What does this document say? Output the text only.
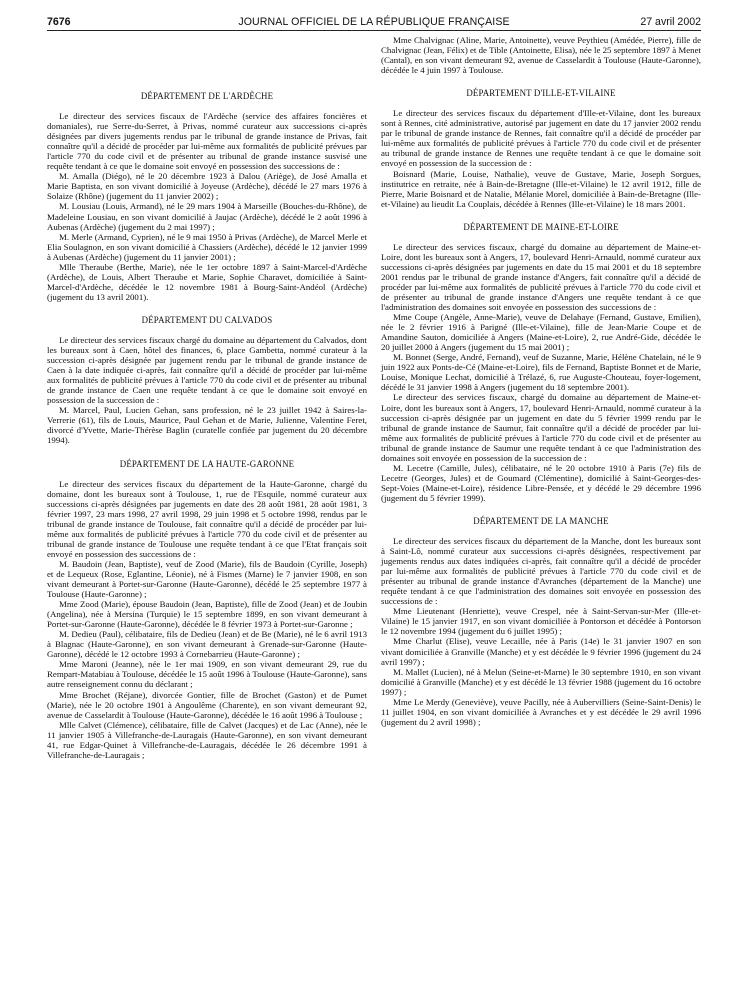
7676	JOURNAL OFFICIEL DE LA RÉPUBLIQUE FRANÇAISE	27 avril 2002
DÉPARTEMENT DE L'ARDÈCHE

Le directeur des services fiscaux de l'Ardèche (service des affaires foncières et domaniales), rue Serre-du-Serret, à Privas, nommé curateur aux successions ci-après désignées par divers jugements rendus par le tribunal de grande instance de Privas, fait connaître qu'il a décidé de procéder par lui-même aux formalités de publicité prévues par l'article 770 du code civil et de présenter au tribunal de grande instance susvisé une requête tendant à ce que le domaine soit envoyé en possession des successions de :

M. Amalla (Diégo), né le 20 décembre 1923 à Dalou (Ariège), de José Amalla et Marie Baptista, en son vivant domicilié à Joyeuse (Ardèche), décédé le 27 mars 1976 à Solaize (Rhône) (jugement du 11 janvier 2002) ;

M. Lousiau (Louis, Armand), né le 29 mars 1904 à Marseille (Bouches-du-Rhône), de Madeleine Lousiau, en son vivant domicilié à Jaujac (Ardèche), décédé le 2 août 1996 à Aubenas (Ardèche) (jugement du 2 mai 1997) ;

M. Merle (Armand, Cyprien), né le 9 mai 1950 à Privas (Ardèche), de Marcel Merle et Elia Soulagnon, en son vivant domicilié à Chassiers (Ardèche), décédé le 12 janvier 1999 à Aubenas (Ardèche) (jugement du 11 janvier 2001) ;

Mlle Theraube (Berthe, Marie), née le 1er octobre 1897 à Saint-Marcel-d'Ardèche (Ardèche), de Louis, Albert Theraube et Marie, Sophie Charavet, domiciliée à Saint-Marcel-d'Ardèche, décédée le 12 novembre 1981 à Bourg-Saint-Andéol (Ardèche) (jugement du 13 avril 2001).

DÉPARTEMENT DU CALVADOS

Le directeur des services fiscaux chargé du domaine au département du Calvados, dont les bureaux sont à Caen, hôtel des finances, 6, place Gambetta, nommé curateur à la succession ci-après désignée par jugement rendu par le tribunal de grande instance de Caen à la date indiquée ci-après, fait connaître qu'il a décidé de procéder par lui-même aux formalités de publicité prévues à l'article 770 du code civil et de présenter au tribunal de grande instance de Caen une requête tendant à ce que le domaine soit envoyé en possession de la succession de :

M. Marcel, Paul, Lucien Gehan, sans profession, né le 23 juillet 1942 à Saires-la-Verrerie (61), fils de Louis, Maurice, Paul Gehan et de Marie, Julienne, Valentine Feret, divorcé d'Yvette, Marie-Thérèse Baglin (curatelle confiée par jugement du 20 décembre 1994).

DÉPARTEMENT DE LA HAUTE-GARONNE

Le directeur des services fiscaux du département de la Haute-Garonne, chargé du domaine, dont les bureaux sont à Toulouse, 1, rue de l'Esquile, nommé curateur aux successions ci-après désignées par jugements en date des 28 août 1981, 28 août 1981, 3 février 1997, 23 mars 1998, 27 avril 1998, 29 juin 1998 et 5 octobre 1998, rendus par le tribunal de grande instance de Toulouse, fait connaître qu'il a décidé de procéder par lui-même aux formalités de publicité prévues à l'article 770 du code civil et de présenter au tribunal de grande instance de Toulouse une requête tendant à ce que l'Etat français soit envoyé en possession des successions de :

M. Baudoin (Jean, Baptiste), veuf de Zood (Marie), fils de Baudoin (Cyrille, Joseph) et de Lequeux (Rose, Eglantine, Léonie), né à Fismes (Marne) le 7 janvier 1908, en son vivant demeurant à Portet-sur-Garonne (Haute-Garonne), décédé le 25 septembre 1977 à Toulouse (Haute-Garonne) ;

Mme Zood (Marie), épouse Baudoin (Jean, Baptiste), fille de Zood (Jean) et de Joubin (Angelina), née à Mersina (Turquie) le 15 septembre 1899, en son vivant demeurant à Portet-sur-Garonne (Haute-Garonne), décédée le 8 février 1973 à Portet-sur-Garonne ;

M. Dedieu (Paul), célibataire, fils de Dedieu (Jean) et de Be (Marie), né le 6 avril 1913 à Blagnac (Haute-Garonne), en son vivant demeurant à Grenade-sur-Garonne (Haute-Garonne), décédé le 12 octobre 1993 à Cornebarrieu (Haute-Garonne) ;

Mme Maroni (Jeanne), née le 1er mai 1909, en son vivant demeurant 29, rue du Rempart-Matabiau à Toulouse, décédée le 15 août 1996 à Toulouse (Haute-Garonne), sans autre renseignement connu du déclarant ;

Mme Brochet (Réjane), divorcée Gontier, fille de Brochet (Gaston) et de Pumet (Marie), née le 20 octobre 1901 à Angoulême (Charente), en son vivant demeurant 92, avenue de Casselardit à Toulouse (Haute-Garonne), décédée le 16 août 1996 à Toulouse ;

Mlle Calvet (Clémence), célibataire, fille de Calvet (Jacques) et de Lac (Anne), née le 11 janvier 1905 à Villefranche-de-Lauragais (Haute-Garonne), en son vivant demeurant 41, rue Edgar-Quinet à Villefranche-de-Lauragais, décédée le 26 décembre 1991 à Villefranche-de-Lauragais ;

Mme Chalvignac (Aline, Marie, Antoinette), veuve Peythieu (Amédée, Pierre), fille de Chalvignac (Jean, Félix) et de Tible (Antoinette, Elisa), née le 25 septembre 1897 à Menet (Cantal), en son vivant demeurant 92, avenue de Casselardit à Toulouse (Haute-Garonne), décédée le 4 juin 1997 à Toulouse.

DÉPARTEMENT D'ILLE-ET-VILAINE

Le directeur des services fiscaux du département d'Ille-et-Vilaine, dont les bureaux sont à Rennes, cité administrative, autorisé par jugement en date du 17 janvier 2002 rendu par le tribunal de grande instance de Rennes, fait connaître qu'il a décidé de procéder par lui-même aux formalités de publicité prévues à l'article 770 du code civil et de présenter au tribunal de grande instance de Rennes une requête tendant à ce que le domaine soit envoyé en possession de la succession de :

Boisnard (Marie, Louise, Nathalie), veuve de Gustave, Marie, Joseph Sorgues, institutrice en retraite, née à Bain-de-Bretagne (Ille-et-Vilaine) le 12 avril 1912, fille de Pierre, Marie Boisnard et de Natalie, Mélanie Morel, domiciliée à Bain-de-Bretagne (Ille-et-Vilaine) au lieudit La Couplais, décédée à Rennes (Ille-et-Vilaine) le 18 mars 2001.

DÉPARTEMENT DE MAINE-ET-LOIRE

Le directeur des services fiscaux, chargé du domaine au département de Maine-et-Loire, dont les bureaux sont à Angers, 17, boulevard Henri-Arnauld, nommé curateur aux successions ci-après désignées par jugements en date du 15 mai 2001 et du 18 septembre 2001 rendus par le tribunal de grande instance d'Angers, fait connaître qu'il a décidé de procéder par lui-même aux formalités de publicité prévues à l'article 770 du code civil et de présenter au tribunal de grande instance d'Angers une requête tendant à ce que l'administration des domaines soit envoyée en possession des successions de :

Mme Coupe (Angèle, Anne-Marie), veuve de Delahaye (Fernand, Gustave, Emilien), née le 2 février 1916 à Parigné (Ille-et-Vilaine), fille de Jean-Marie Coupe et de Amandine Sauton, domiciliée à Angers (Maine-et-Loire), 2, rue André-Gide, décédée le 20 juillet 2000 à Angers (jugement du 15 mai 2001) ;

M. Bonnet (Serge, André, Fernand), veuf de Suzanne, Marie, Hélène Chatelain, né le 9 juin 1922 aux Ponts-de-Cé (Maine-et-Loire), fils de Fernand, Baptiste Bonnet et de Marie, Louise, Monique Lechat, domicilié à Trélazé, 6, rue Auguste-Chouteau, foyer-logement, décédé le 31 janvier 1998 à Angers (jugement du 18 septembre 2001).

Le directeur des services fiscaux, chargé du domaine au département de Maine-et-Loire, dont les bureaux sont à Angers, 17, boulevard Henri-Arnauld, nommé curateur à la succession ci-après désignée par un jugement en date du 5 février 1999 rendu par le tribunal de grande instance de Saumur, fait connaître qu'il a décidé de procéder par lui-même aux formalités de publicité prévues à l'article 770 du code civil et de présenter au tribunal de grande instance de Saumur une requête tendant à ce que l'administration des domaines soit envoyée en possession de la succession de :

M. Lecetre (Camille, Jules), célibataire, né le 20 octobre 1910 à Paris (7e) fils de Lecetre (Georges, Jules) et de Goumard (Clémentine), domicilié à Saint-Georges-des-Sept-Voies (Maine-et-Loire), résidence Libre-Pensée, et y décédé le 29 décembre 1996 (jugement du 5 février 1999).

DÉPARTEMENT DE LA MANCHE

Le directeur des services fiscaux du département de la Manche, dont les bureaux sont à Saint-Lô, nommé curateur aux successions ci-après désignées, respectivement par jugements rendus aux dates indiquées ci-après, fait connaître qu'il a décidé de procéder par lui-même aux formalités de publicité prévues à l'article 770 du code civil et de présenter au tribunal de grande instance d'Avranches (département de la Manche) une requête tendant à ce que l'administration des domaines soit envoyée en possession des successions de :

Mme Lieutenant (Henriette), veuve Crespel, née à Saint-Servan-sur-Mer (Ille-et-Vilaine) le 15 janvier 1917, en son vivant domiciliée à Pontorson et décédée à Pontorson le 12 novembre 1994 (jugement du 6 juillet 1995) ;

Mme Charlut (Elise), veuve Lecaille, née à Paris (14e) le 31 janvier 1907 en son vivant domiciliée à Granville (Manche) et y est décédée le 9 février 1996 (jugement du 24 avril 1997) ;

M. Mallet (Lucien), né à Melun (Seine-et-Marne) le 30 septembre 1910, en son vivant domicilié à Granville (Manche) et y est décédé le 13 février 1988 (jugement du 16 octobre 1997) ;

Mme Le Merdy (Geneviève), veuve Pacilly, née à Aubervilliers (Seine-Saint-Denis) le 11 juillet 1904, en son vivant domiciliée à Avranches et y est décédée le 29 avril 1996 (jugement du 2 avril 1998) ;
